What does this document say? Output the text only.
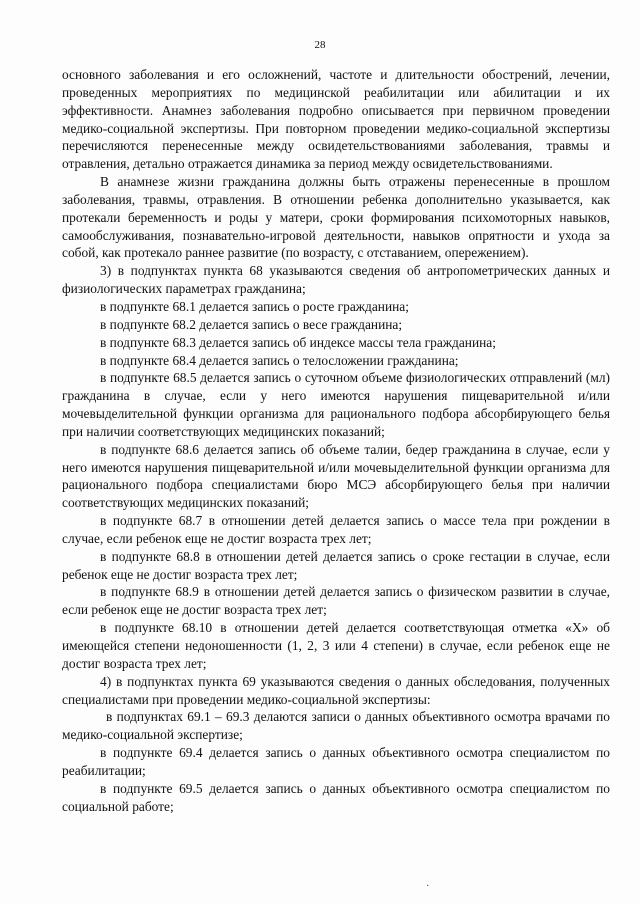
28

основного заболевания и его осложнений, частоте и длительности обострений, лечении, проведенных мероприятиях по медицинской реабилитации или абилитации и их эффективности. Анамнез заболевания подробно описывается при первичном проведении медико-социальной экспертизы. При повторном проведении медико-социальной экспертизы перечисляются перенесенные между освидетельствованиями заболевания, травмы и отравления, детально отражается динамика за период между освидетельствованиями.

В анамнезе жизни гражданина должны быть отражены перенесенные в прошлом заболевания, травмы, отравления. В отношении ребенка дополнительно указывается, как протекали беременность и роды у матери, сроки формирования психомоторных навыков, самообслуживания, познавательно-игровой деятельности, навыков опрятности и ухода за собой, как протекало раннее развитие (по возрасту, с отставанием, опережением).

3) в подпунктах пункта 68 указываются сведения об антропометрических данных и физиологических параметрах гражданина;

в подпункте 68.1 делается запись о росте гражданина;

в подпункте 68.2 делается запись о весе гражданина;

в подпункте 68.3 делается запись об индексе массы тела гражданина;

в подпункте 68.4 делается запись о телосложении гражданина;

в подпункте 68.5 делается запись о суточном объеме физиологических отправлений (мл) гражданина в случае, если у него имеются нарушения пищеварительной и/или мочевыделительной функции организма для рационального подбора абсорбирующего белья при наличии соответствующих медицинских показаний;

в подпункте 68.6 делается запись об объеме талии, бедер гражданина в случае, если у него имеются нарушения пищеварительной и/или мочевыделительной функции организма для рационального подбора специалистами бюро МСЭ абсорбирующего белья при наличии соответствующих медицинских показаний;

в подпункте 68.7 в отношении детей делается запись о массе тела при рождении в случае, если ребенок еще не достиг возраста трех лет;

в подпункте 68.8 в отношении детей делается запись о сроке гестации в случае, если ребенок еще не достиг возраста трех лет;

в подпункте 68.9 в отношении детей делается запись о физическом развитии в случае, если ребенок еще не достиг возраста трех лет;

в подпункте 68.10 в отношении детей делается соответствующая отметка «Х» об имеющейся степени недоношенности (1, 2, 3 или 4 степени) в случае, если ребенок еще не достиг возраста трех лет;

4) в подпунктах пункта 69 указываются сведения о данных обследования, полученных специалистами при проведении медико-социальной экспертизы:

в подпунктах 69.1 – 69.3 делаются записи о данных объективного осмотра врачами по медико-социальной экспертизе;

в подпункте 69.4 делается запись о данных объективного осмотра специалистом по реабилитации;

в подпункте 69.5 делается запись о данных объективного осмотра специалистом по социальной работе;

·
